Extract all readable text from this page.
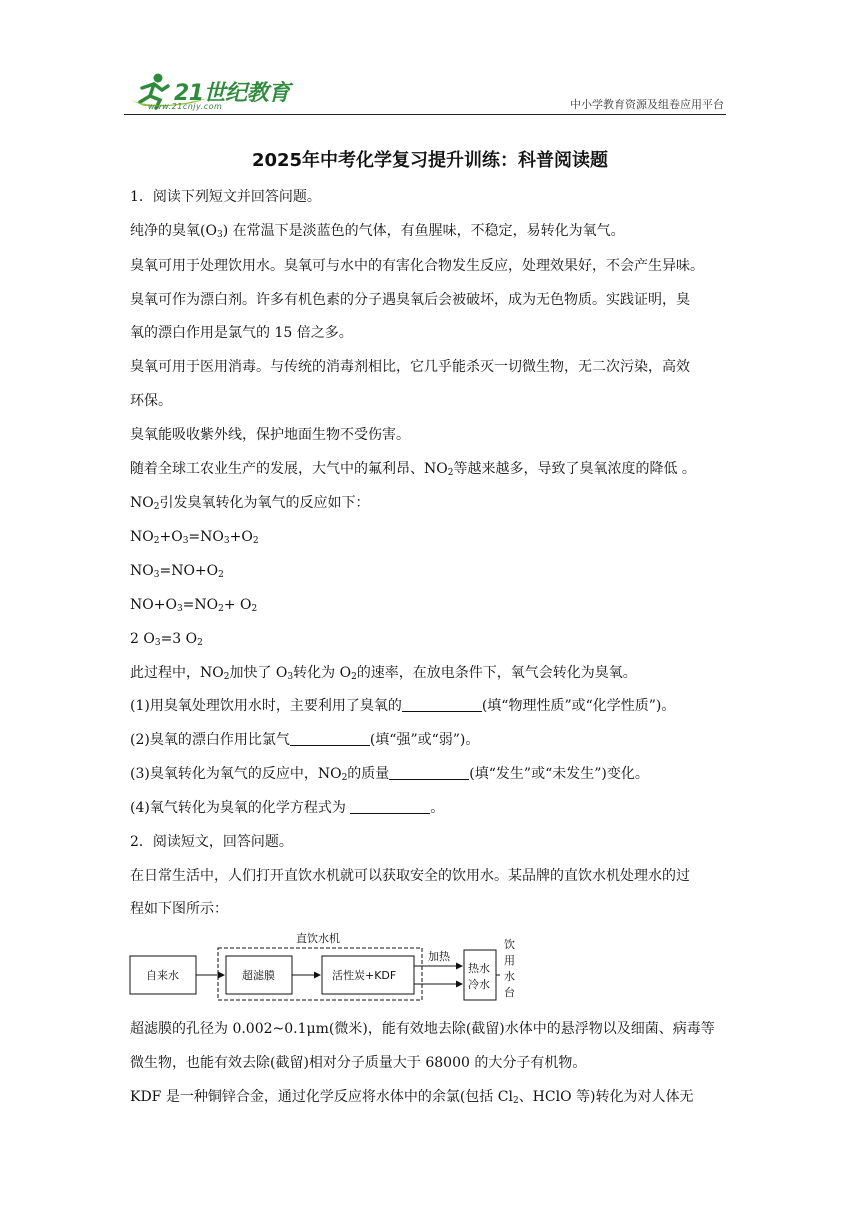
21世纪教育
www.21cnjy.com	中小学教育资源及组卷应用平台
2025年中考化学复习提升训练：科普阅读题
1．阅读下列短文并回答问题。
纯净的臭氧$(O_3)$ 在常温下是淡蓝色的气体，有鱼腥味，不稳定，易转化为氧气。
臭氧可用于处理饮用水。臭氧可与水中的有害化合物发生反应，处理效果好，不会产生异味。
臭氧可作为漂白剂。许多有机色素的分子遇臭氧后会被破坏，成为无色物质。实践证明，臭
氧的漂白作用是氯气的 15 倍之多。
臭氧可用于医用消毒。与传统的消毒剂相比，它几乎能杀灭一切微生物，无二次污染，高效
环保。
臭氧能吸收紫外线，保护地面生物不受伤害。
随着全球工农业生产的发展，大气中的氟利昂、$NO_2$等越来越多，导致了臭氧浓度的降低 。
$NO_2$引发臭氧转化为氧气的反应如下：
$NO_2+O_3=NO_3+O_2$
$NO_3=NO+O_2$
$NO+O_3=NO_2+ O_2$
2 $O_3=3$ $O_2$
此过程中，$NO_2$加快了 $O_3$转化为 $O_2$的速率，在放电条件下，氧气会转化为臭氧。
(1)用臭氧处理饮用水时，主要利用了臭氧的	(填“物理性质”或“化学性质”)。
(2)臭氧的漂白作用比氯气	(填“强”或“弱”)。
(3)臭氧转化为氧气的反应中，$NO_2$的质量	(填“发生”或“未发生”)变化。
(4)氧气转化为臭氧的化学方程式为	。
2．阅读短文，回答问题。
在日常生活中，人们打开直饮水机就可以获取安全的饮用水。某品牌的直饮水机处理水的过
程如下图所示：
直饮水机
自来水	超滤膜	活性炭+KDF
加热
热水
冷水
饮
用
水
台
超滤膜的孔径为 0.002~0.1μm(微米)，能有效地去除(截留)水体中的悬浮物以及细菌、病毒等
微生物，也能有效去除(截留)相对分子质量大于 68000 的大分子有机物。
KDF 是一种铜锌合金，通过化学反应将水体中的余氯(包括 $Cl_2$、HClO 等)转化为对人体无
